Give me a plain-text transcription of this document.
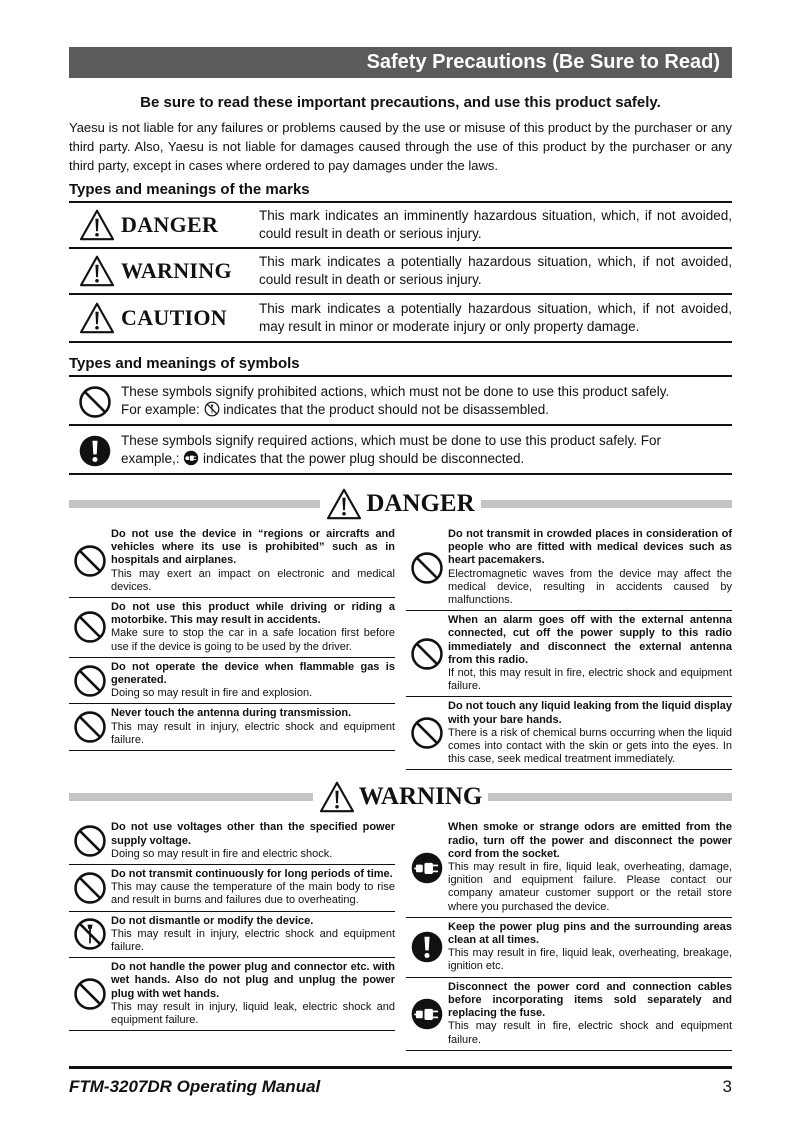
Safety Precautions (Be Sure to Read)
Be sure to read these important precautions, and use this product safely.
Yaesu is not liable for any failures or problems caused by the use or misuse of this product by the purchaser or any third party. Also, Yaesu is not liable for damages caused through the use of this product by the purchaser or any third party, except in cases where ordered to pay damages under the laws.
Types and meanings of the marks
DANGER	This mark indicates an imminently hazardous situation, which, if not avoided, could result in death or serious injury.
WARNING This mark indicates a potentially hazardous situation, which, if not avoided, could result in death or serious injury.
CAUTION This mark indicates a potentially hazardous situation, which, if not avoided, may result in minor or moderate injury or only property damage.
Types and meanings of symbols
These symbols signify prohibited actions, which must not be done to use this product safely.
For example:  indicates that the product should not be disassembled.
These symbols signify required actions, which must be done to use this product safely. For
example,:  indicates that the power plug should be disconnected.
DANGER
Do not use the device in “regions or aircrafts and vehicles where its use is prohibited” such as in hospitals and airplanes.
This may exert an impact on electronic and medical devices.
Do not use this product while driving or riding a motorbike. This may result in accidents.
Make sure to stop the car in a safe location first before use if the device is going to be used by the driver.
Do not operate the device when flammable gas is generated.
Doing so may result in fire and explosion.
Never touch the antenna during transmission.
This may result in injury, electric shock and equipment failure.
Do not transmit in crowded places in consideration of people who are fitted with medical devices such as heart pacemakers.
Electromagnetic waves from the device may affect the medical device, resulting in accidents caused by malfunctions.
When an alarm goes off with the external antenna connected, cut off the power supply to this radio immediately and disconnect the external antenna from this radio.
If not, this may result in fire, electric shock and equipment failure.
Do not touch any liquid leaking from the liquid display with your bare hands.
There is a risk of chemical burns occurring when the liquid comes into contact with the skin or gets into the eyes. In this case, seek medical treatment immediately.
WARNING
Do not use voltages other than the specified power supply voltage.
Doing so may result in fire and electric shock.
Do not transmit continuously for long periods of time.
This may cause the temperature of the main body to rise and result in burns and failures due to overheating.
Do not dismantle or modify the device.
This may result in injury, electric shock and equipment failure.
Do not handle the power plug and connector etc. with wet hands. Also do not plug and unplug the power plug with wet hands.
This may result in injury, liquid leak, electric shock and equipment failure.
When smoke or strange odors are emitted from the radio, turn off the power and disconnect the power cord from the socket.
This may result in fire, liquid leak, overheating, damage, ignition and equipment failure. Please contact our company amateur customer support or the retail store where you purchased the device.
Keep the power plug pins and the surrounding areas clean at all times.
This may result in fire, liquid leak, overheating, breakage, ignition etc.
Disconnect the power cord and connection cables before incorporating items sold separately and replacing the fuse.
This may result in fire, electric shock and equipment failure.
FTM-3207DR Operating Manual	3
